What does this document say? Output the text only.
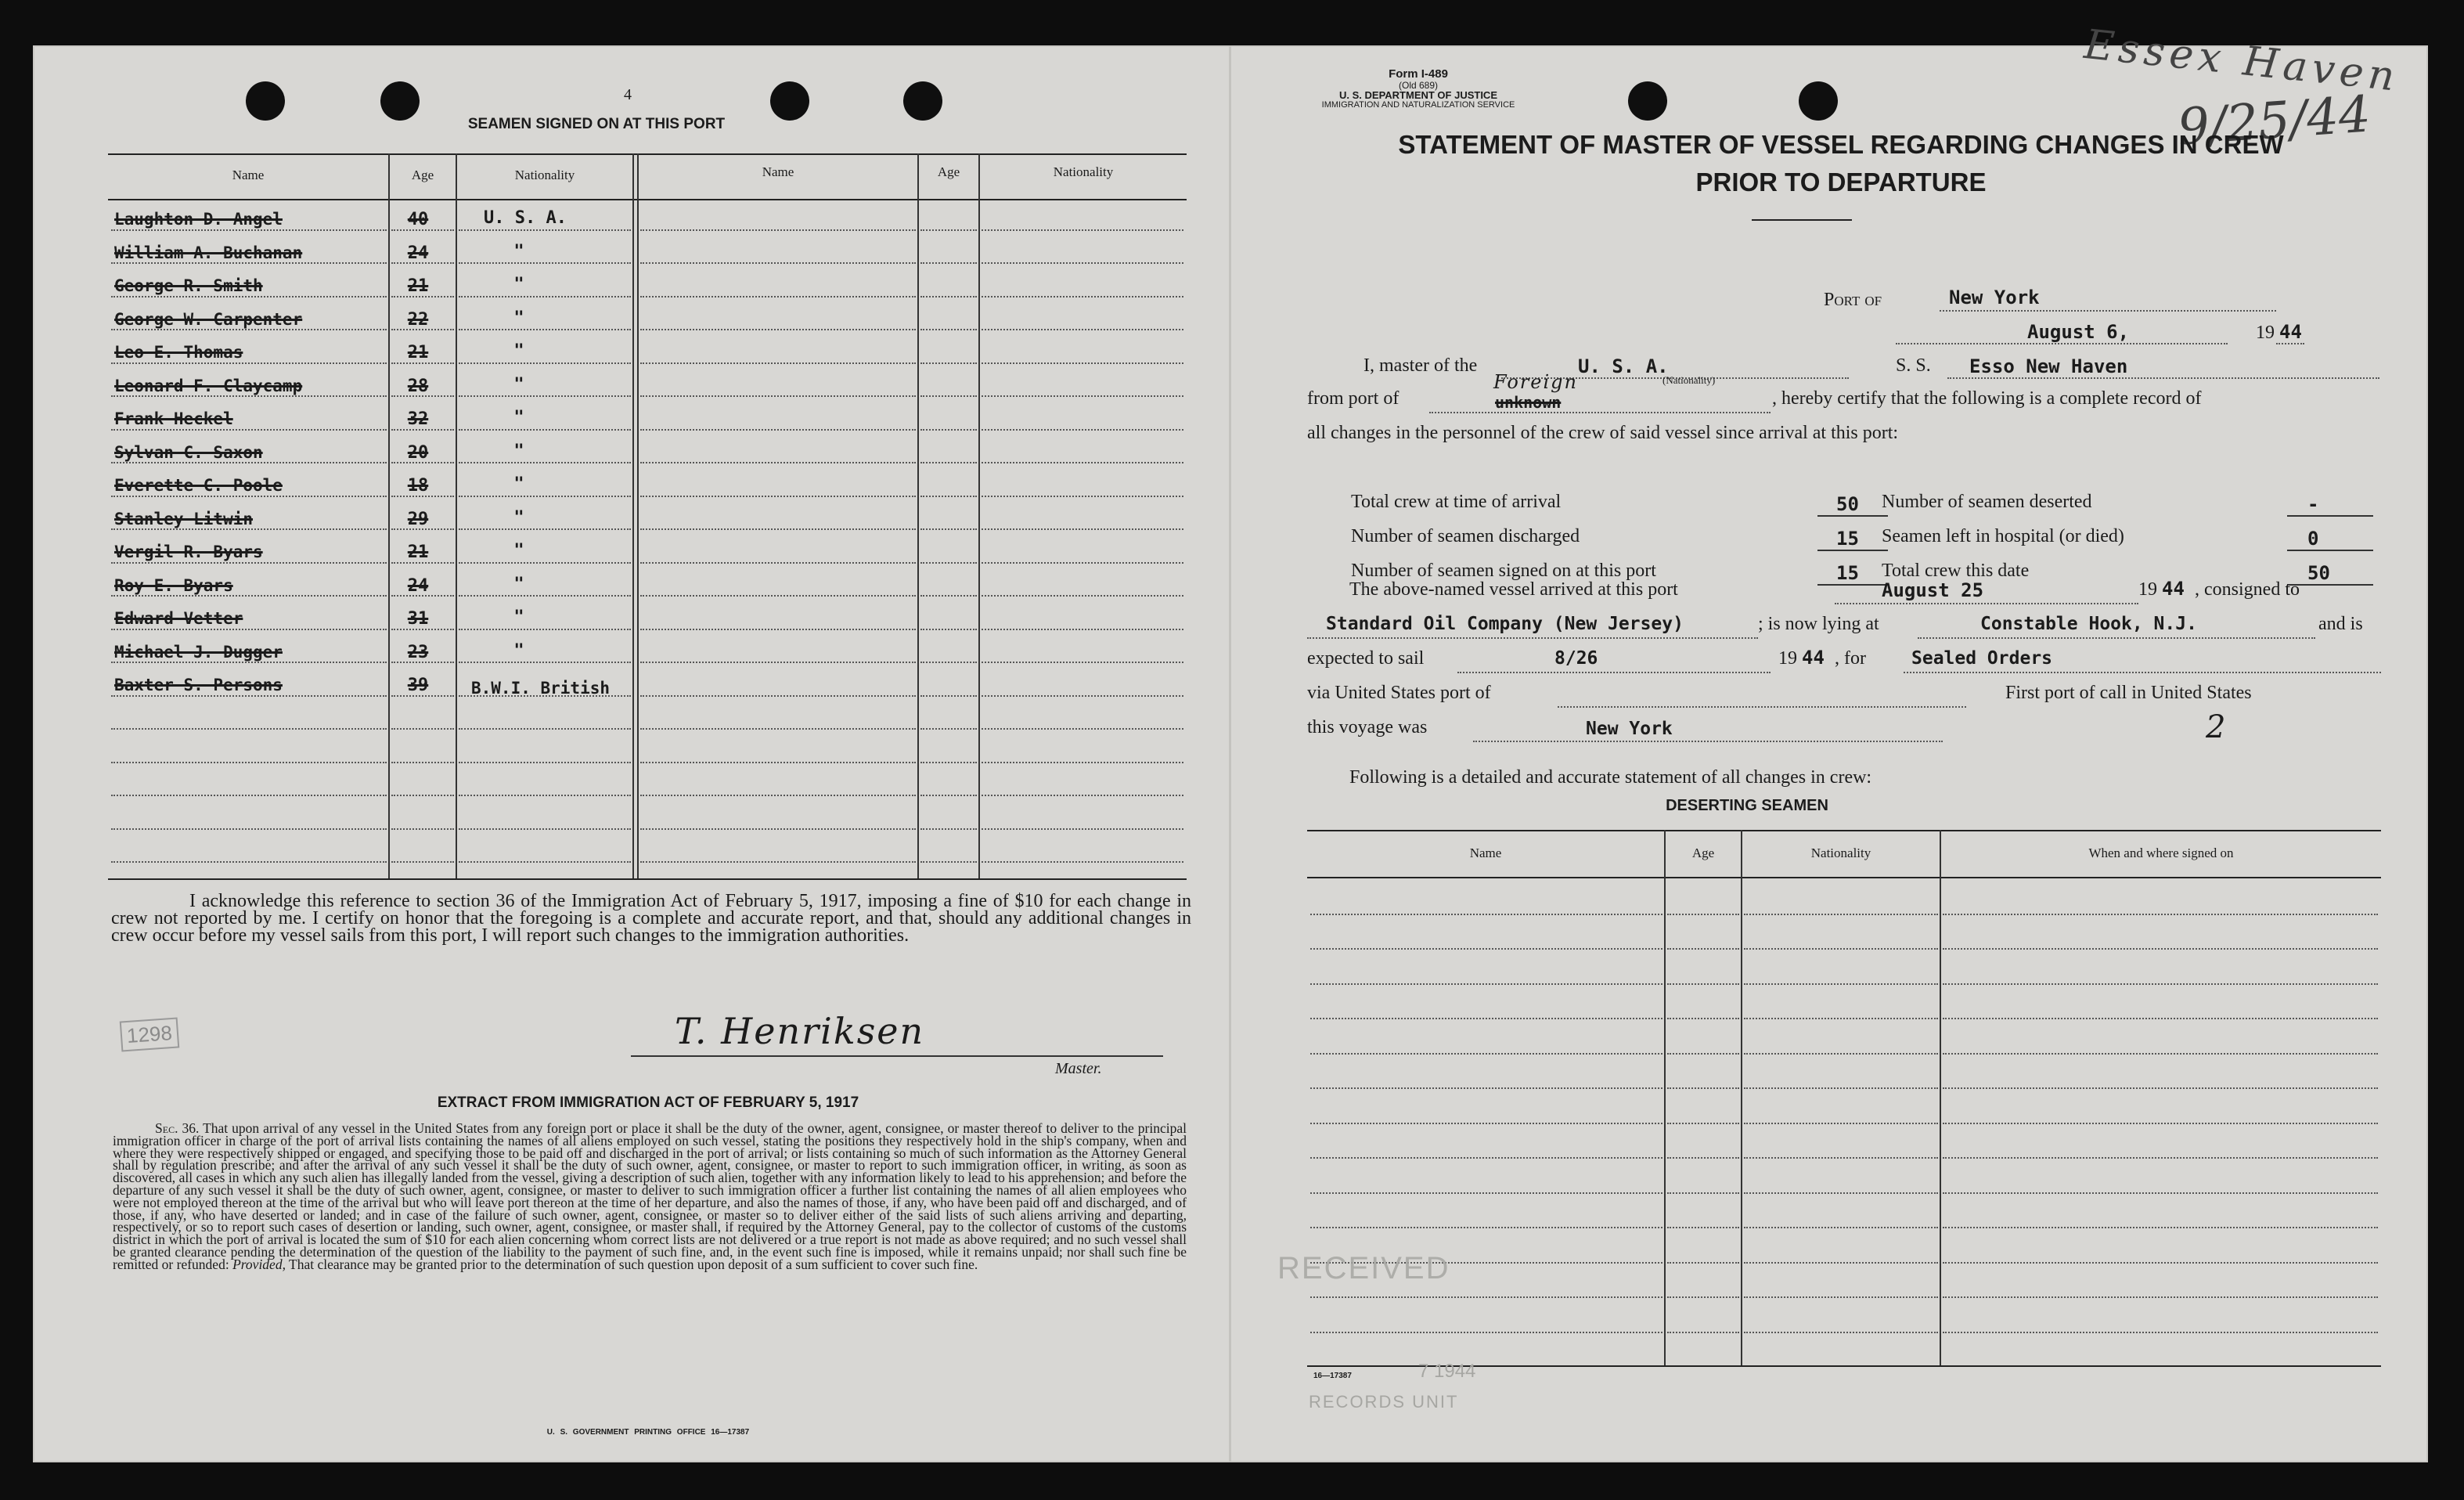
4
SEAMEN SIGNED ON AT THIS PORT
Name	Age	Nationality	Name	Age	Nationality
Laughton D. Angel	40	U. S. A.
William A. Buchanan	24	"
George R. Smith	21	"
George W. Carpenter	22	"
Leo E. Thomas	21	"
Leonard F. Claycamp	28	"
Frank Heckel	32	"
Sylvan C. Saxon	20	"
Everette C. Poole	18	"
Stanley Litwin	29	"
Vergil R. Byars	21	"
Roy E. Byars	24	"
Edward Vetter	31	"
Michael J. Dugger	23	"
Baxter S. Persons	39	B.W.I. British
I acknowledge this reference to section 36 of the Immigration Act of February 5, 1917, imposing a fine of $10 for each change in crew not reported by me. I certify on honor that the foregoing is a complete and accurate report, and that, should any additional changes in crew occur before my vessel sails from this port, I will report such changes to the immigration authorities.
T. Henriksen
Master.
1298
EXTRACT FROM IMMIGRATION ACT OF FEBRUARY 5, 1917
Sec. 36. That upon arrival of any vessel in the United States from any foreign port or place it shall be the duty of the owner, agent, consignee, or master thereof to deliver to the principal immigration officer in charge of the port of arrival lists containing the names of all aliens employed on such vessel, stating the positions they respectively hold in the ship's company, when and where they were respectively shipped or engaged, and specifying those to be paid off and discharged in the port of arrival; or lists containing so much of such information as the Attorney General shall by regulation prescribe; and after the arrival of any such vessel it shall be the duty of such owner, agent, consignee, or master to report to such immigration officer, in writing, as soon as discovered, all cases in which any such alien has illegally landed from the vessel, giving a description of such alien, together with any information likely to lead to his apprehension; and before the departure of any such vessel it shall be the duty of such owner, agent, consignee, or master to deliver to such immigration officer a further list containing the names of all alien employees who were not employed thereon at the time of the arrival but who will leave port thereon at the time of her departure, and also the names of those, if any, who have been paid off and discharged, and of those, if any, who have deserted or landed; and in case of the failure of such owner, agent, consignee, or master so to deliver either of the said lists of such aliens arriving and departing, respectively, or so to report such cases of desertion or landing, such owner, agent, consignee, or master shall, if required by the Attorney General, pay to the collector of customs of the customs district in which the port of arrival is located the sum of $10 for each alien concerning whom correct lists are not delivered or a true report is not made as above required; and no such vessel shall be granted clearance pending the determination of the question of the liability to the payment of such fine, and, in the event such fine is imposed, while it remains unpaid; nor shall such fine be remitted or refunded: Provided, That clearance may be granted prior to the determination of such question upon deposit of a sum sufficient to cover such fine.
U. S. GOVERNMENT PRINTING OFFICE 16—17387
Form I-489
(Old 689)
U. S. DEPARTMENT OF JUSTICE
IMMIGRATION AND NATURALIZATION SERVICE
Essex Haven
9/25/44
STATEMENT OF MASTER OF VESSEL REGARDING CHANGES IN CREW
PRIOR TO DEPARTURE
Port of	New York
August 6,	19 44
I, master of the	U. S. A.
(Nationality)
S. S. Esso New Haven
from port of	unknown
Foreign
, hereby certify that the following is a complete record of
all changes in the personnel of the crew of said vessel since arrival at this port:
Total crew at time of arrival	50 Number of seamen deserted	-
Number of seamen discharged	15 Seamen left in hospital (or died)	0
Number of seamen signed on at this port	15 Total crew this date	50
The above-named vessel arrived at this port	August 25	19 44 , consigned to
Standard Oil Company (New Jersey)	; is now lying at	Constable Hook, N.J.	and is
expected to sail	8/26	19 44 , for	Sealed Orders
via United States port of	First port of call in United States
this voyage was	New York	2
Following is a detailed and accurate statement of all changes in crew:
DESERTING SEAMEN
Name	Age	Nationality	When and where signed on
RECEIVED
7 1944
RECORDS UNIT
16—17387
